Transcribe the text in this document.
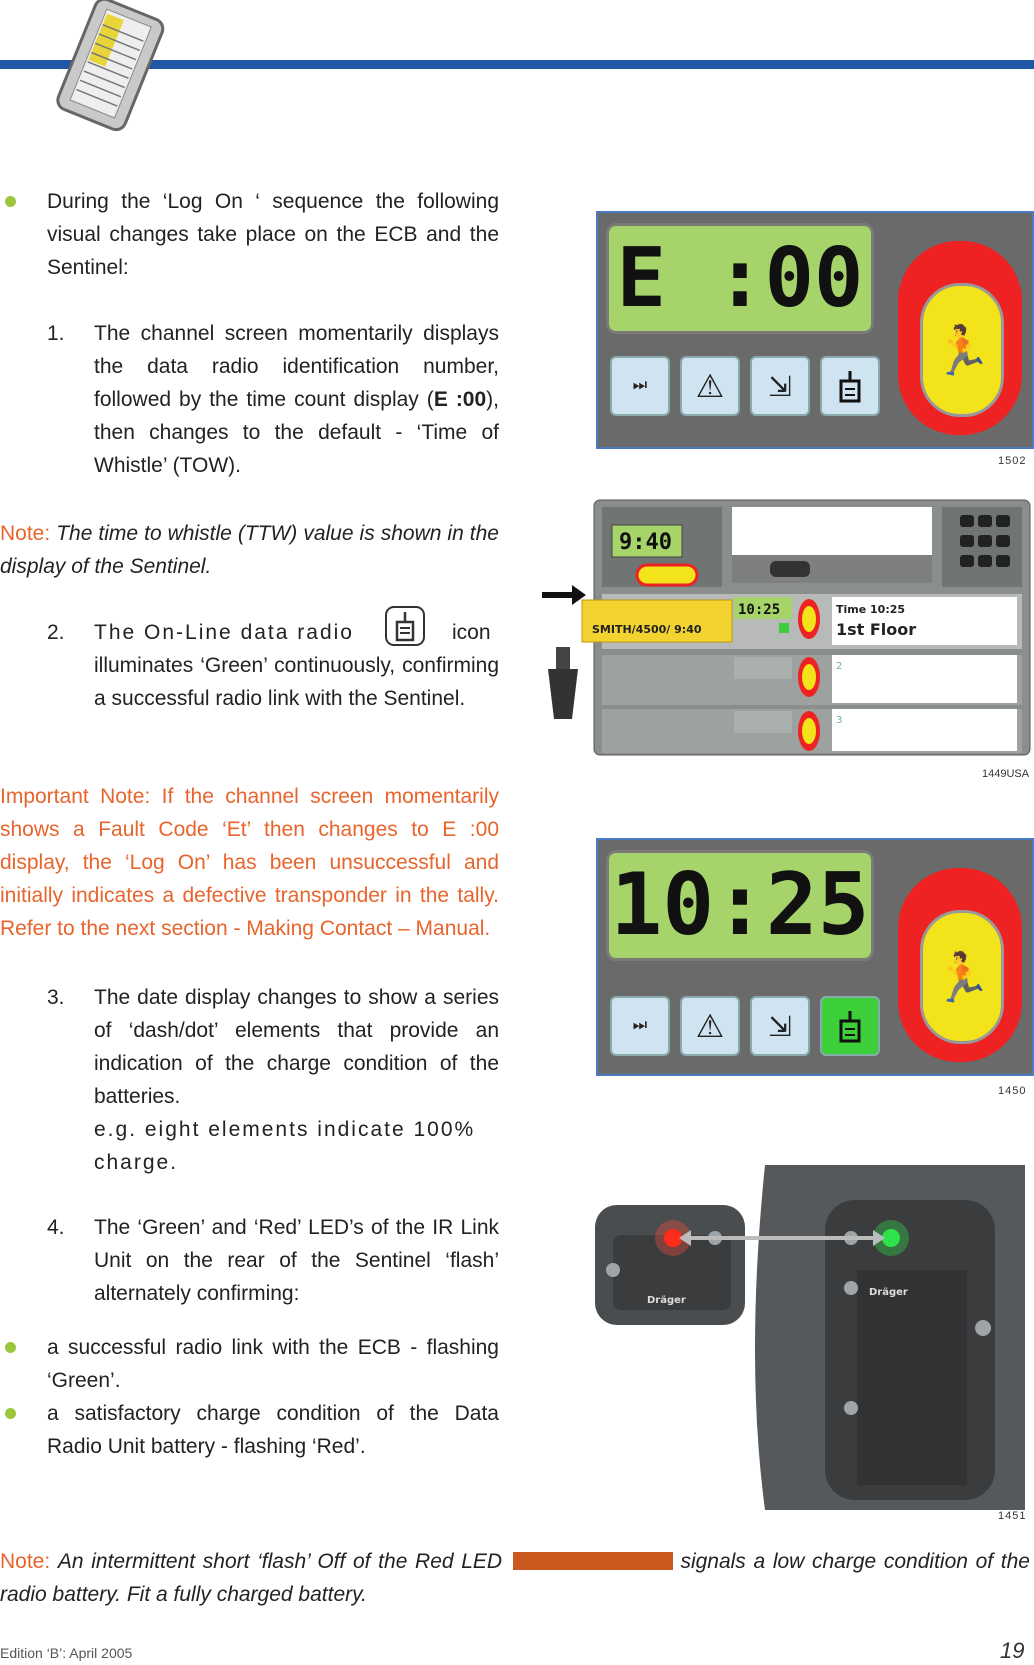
During the ‘Log On ‘ sequence the following visual changes take place on the ECB and the Sentinel:
1. The channel screen momentarily displays the data radio identification number, followed by the time count display (E :00), then changes to the default - ‘Time of Whistle’ (TOW).
Note: The time to whistle (TTW) value is shown in the display of the Sentinel.
2. The On-Line data radio	icon illuminates ‘Green’ continuously, confirming a successful radio link with the Sentinel.
Important Note: If the channel screen momentarily shows a Fault Code ‘Et’ then changes to E :00 display, the ‘Log On’ has been unsuccessful and initially indicates a defective transponder in the tally. Refer to the next section - Making Contact – Manual.
3. The date display changes to show a series of ‘dash/dot’ elements that provide an indication of the charge condition of the batteries.
e.g. eight elements indicate 100% charge.
4. The ‘Green’ and ‘Red’ LED’s of the IR Link Unit on the rear of the Sentinel ‘flash’ alternately confirming:
a successful radio link with the ECB - flashing ‘Green’.
a satisfactory charge condition of the Data Radio Unit battery - flashing ‘Red’.
Note: An intermittent short ‘flash’ Off of the Red LED	signals a low charge condition of the radio battery. Fit a fully charged battery.
E :00
⏭	⚠	⇲
🏃
1502
9:40
SMITH/4500/ 9:40
10:25	Time 10:25
1st Floor
2
3
1449USA
10:25
⏭	⚠	⇲
🏃
1450
Dräger
Dräger
1451
Edition ‘B’: April 2005	19
